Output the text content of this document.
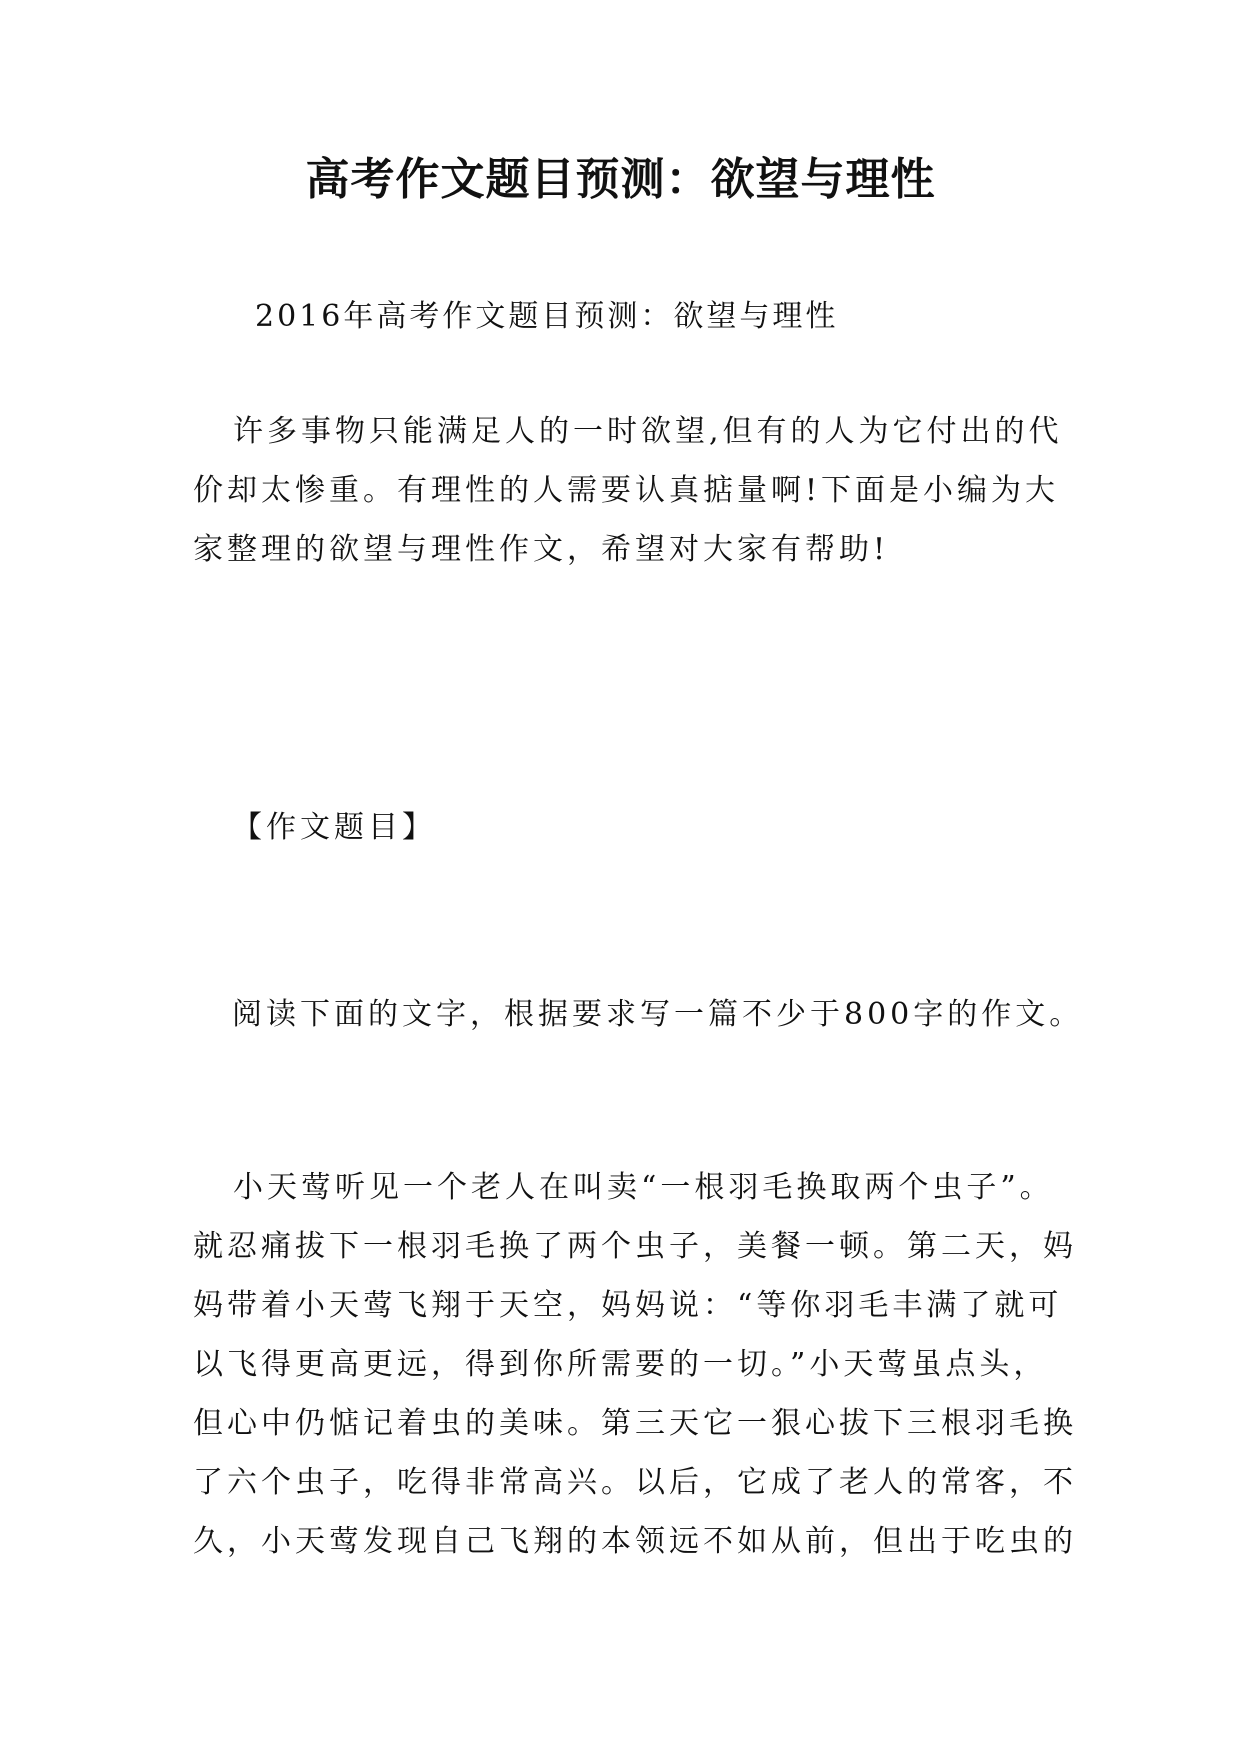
高考作文题目预测：欲望与理性

2016年高考作文题目预测：欲望与理性

许多事物只能满足人的一时欲望,但有的人为它付出的代
价却太惨重。有理性的人需要认真掂量啊!下面是小编为大
家整理的欲望与理性作文，希望对大家有帮助!

【作文题目】

阅读下面的文字，根据要求写一篇不少于800字的作文。

小天莺听见一个老人在叫卖“一根羽毛换取两个虫子”。
就忍痛拔下一根羽毛换了两个虫子，美餐一顿。第二天，妈
妈带着小天莺飞翔于天空，妈妈说：“等你羽毛丰满了就可
以飞得更高更远，得到你所需要的一切。”小天莺虽点头，
但心中仍惦记着虫的美味。第三天它一狠心拔下三根羽毛换
了六个虫子，吃得非常高兴。以后，它成了老人的常客，不
久，小天莺发现自己飞翔的本领远不如从前，但出于吃虫的
